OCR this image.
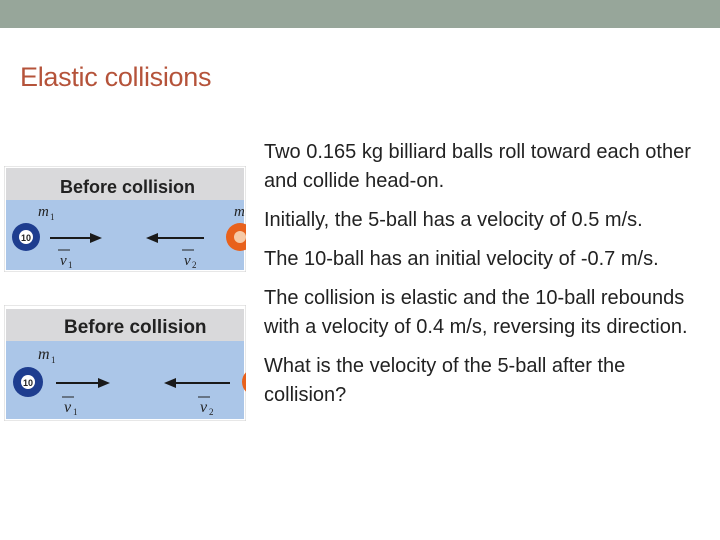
Elastic collisions
Before collision
m 1	m
10
v 1	v 2
Before collision
m 1
10
v 1	v 2
Two 0.165 kg billiard balls roll toward each other and collide head-on.
Initially, the 5-ball has a velocity of 0.5 m/s.
The 10-ball has an initial velocity of -0.7 m/s.
The collision is elastic and the 10-ball rebounds with a velocity of 0.4 m/s, reversing its direction.
What is the velocity of the 5-ball after the collision?
